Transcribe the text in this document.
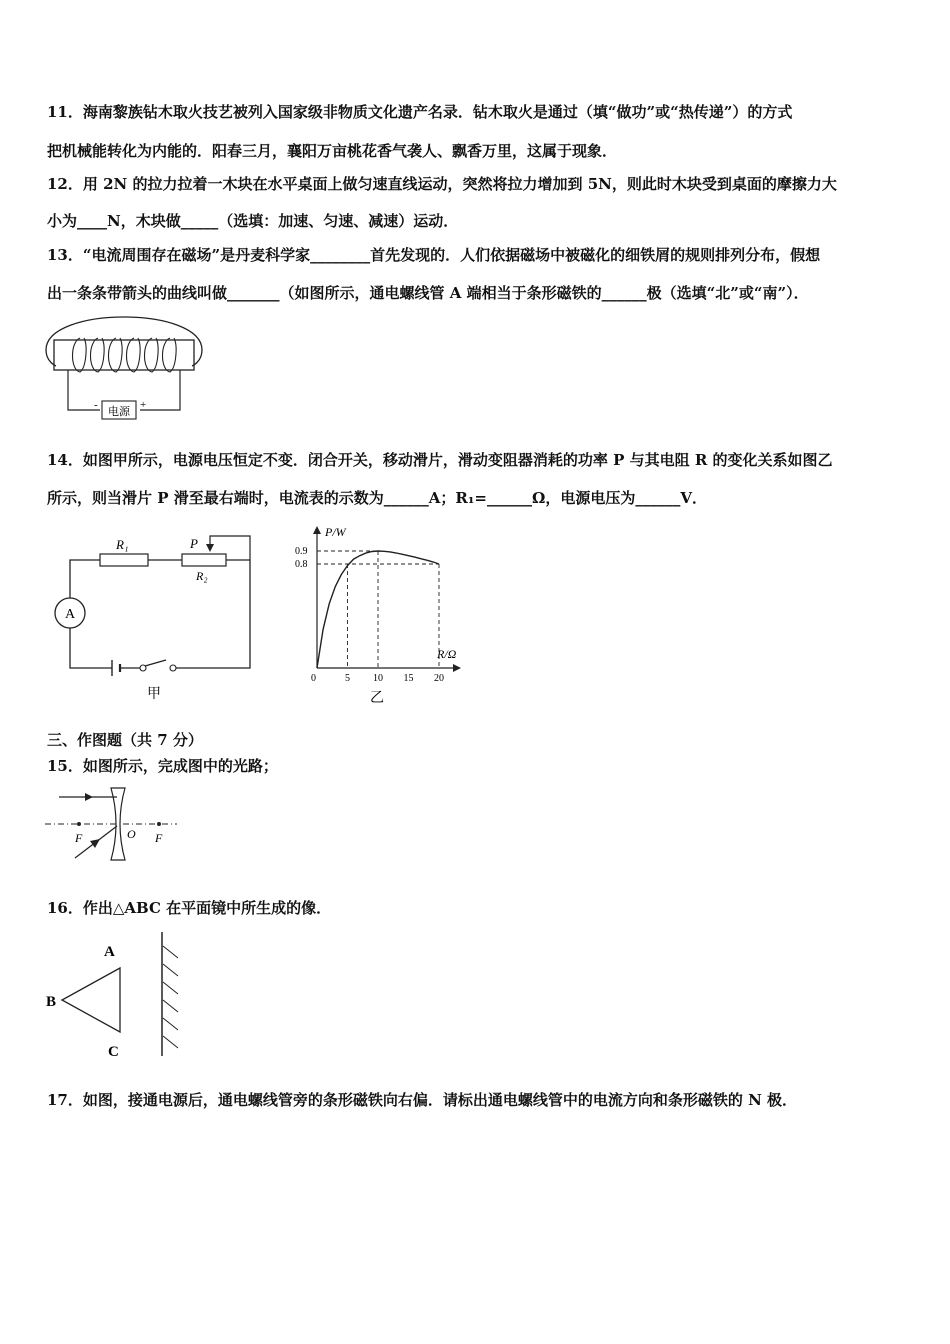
11．海南黎族钻木取火技艺被列入国家级非物质文化遗产名录．钻木取火是通过（填“做功”或“热传递”）的方式
把机械能转化为内能的．阳春三月，襄阳万亩桃花香气袭人、飘香万里，这属于现象．
12．用 2N 的拉力拉着一木块在水平桌面上做匀速直线运动，突然将拉力增加到 5N，则此时木块受到桌面的摩擦力大
小为____N，木块做_____（选填：加速、匀速、减速）运动．
13．“电流周围存在磁场”是丹麦科学家________首先发现的．人们依据磁场中被磁化的细铁屑的规则排列分布，假想
出一条条带箭头的曲线叫做_______（如图所示，通电螺线管 A 端相当于条形磁铁的______极（选填“北”或“南”）．
电源
-	+
14．如图甲所示，电源电压恒定不变．闭合开关，移动滑片，滑动变阻器消耗的功率 P 与其电阻 R 的变化关系如图乙
所示，则当滑片 P 滑至最右端时，电流表的示数为______A；R₁=______Ω，电源电压为______V．
R₁	P
R₂
A
甲
P/W
R/Ω
0
0.8
0.9
5 10 15 20
乙
三、作图题（共 7 分）
15．如图所示，完成图中的光路；
F	O F
16．作出△ABC 在平面镜中所生成的像．
A
B
C
17．如图，接通电源后，通电螺线管旁的条形磁铁向右偏．请标出通电螺线管中的电流方向和条形磁铁的 N 极．
